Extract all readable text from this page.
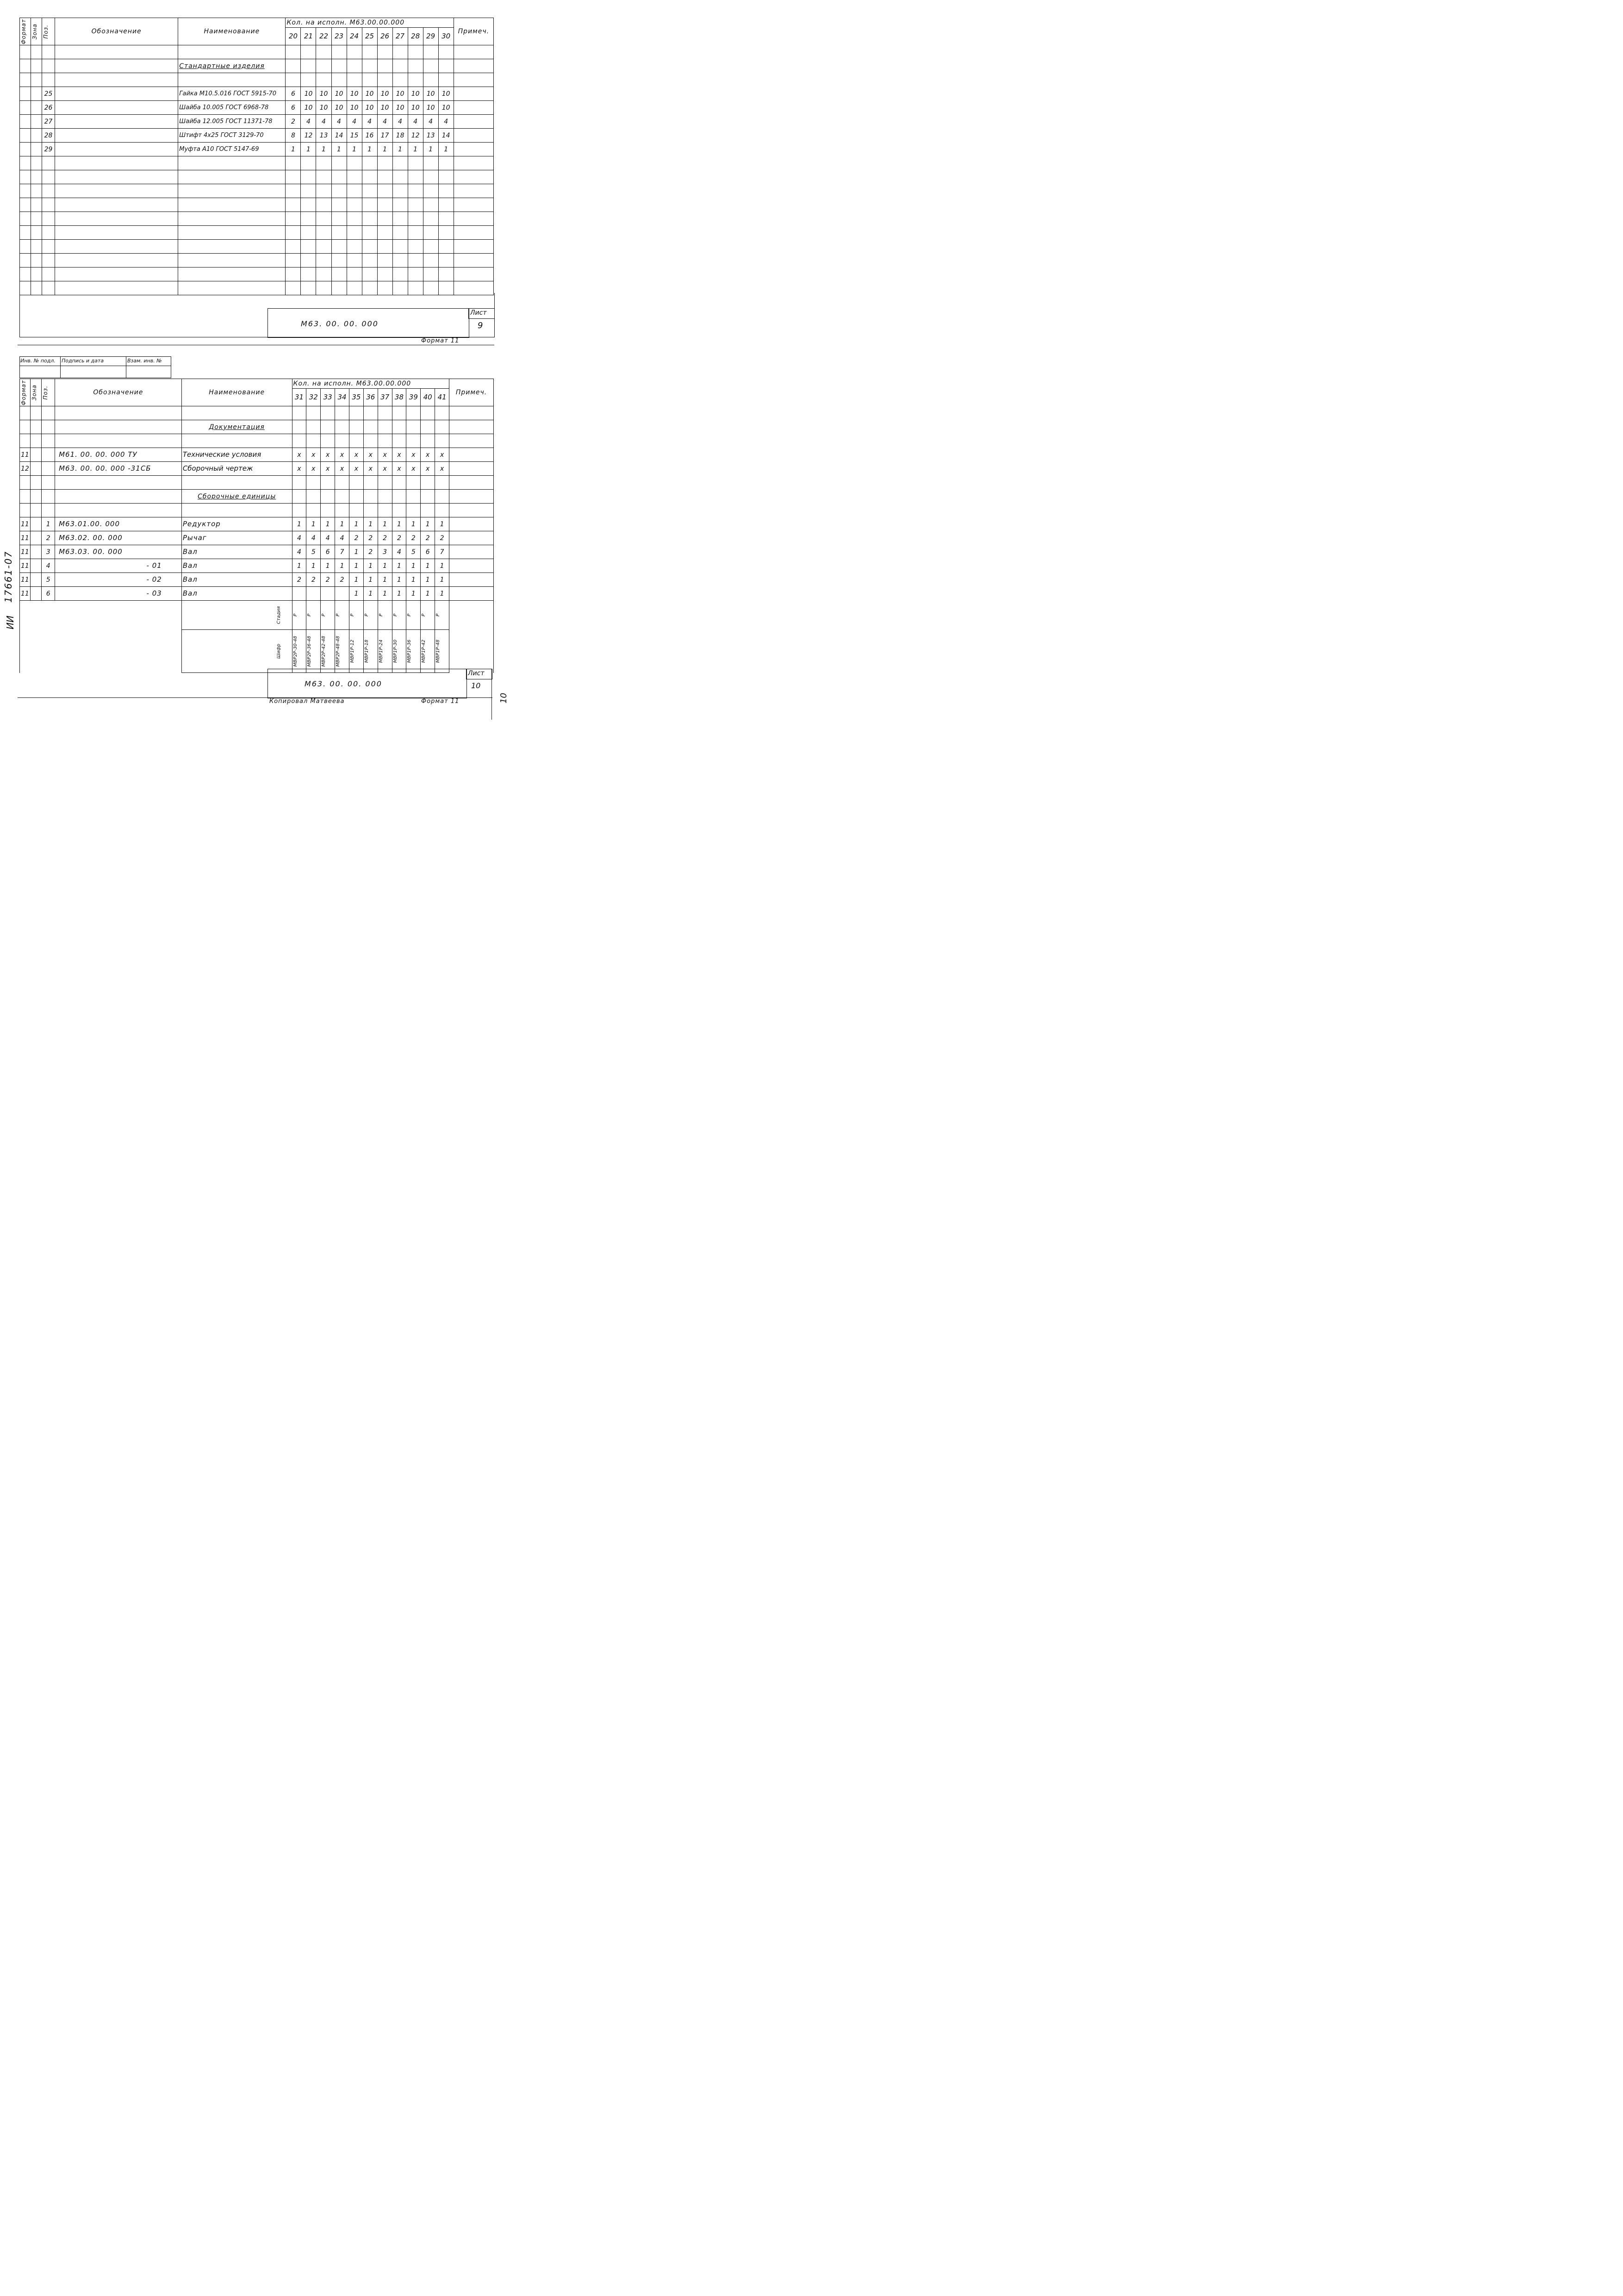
Формат	Зона	Поз.	Обозначение	Наименование	Кол. на исполн. М63.00.00.000											Примеч.
					20	21	22	23	24	25	26	27	28	29	30	

				Стандартные изделия												

		25		Гайка М10.5.016 ГОСТ 5915-70	6	10	10	10	10	10	10	10	10	10	10	
		26		Шайба 10.005 ГОСТ 6968-78	6	10	10	10	10	10	10	10	10	10	10	
		27		Шайба 12.005 ГОСТ 11371-78	2	4	4	4	4	4	4	4	4	4	4	
		28		Штифт 4х25 ГОСТ 3129-70	8	12	13	14	15	16	17	18	12	13	14	
		29		Муфта А10 ГОСТ 5147-69	1	1	1	1	1	1	1	1	1	1	1	

Лист
9
М63. 00. 00. 000
Формат 11
Инв. № подл. Подпись и дата	Взам. инв. №
Формат	Зона	Поз.	Обозначение	Наименование	Кол. на исполн. М63.00.00.000											Примеч.
					31	32	33	34	35	36	37	38	39	40	41	

				Документация												

11			М61. 00. 00. 000 ТУ	Технические условия	x	x	x	x	x	x	x	x	x	x	x	
12			М63. 00. 00. 000 -31СБ	Сборочный чертеж	x	x	x	x	x	x	x	x	x	x	x	

				Сборочные единицы												

11		1	М63.01.00. 000	Редуктор	1	1	1	1	1	1	1	1	1	1	1	
11		2	М63.02. 00. 000	Рычаг	4	4	4	4	2	2	2	2	2	2	2	
11		3	М63.03. 00. 000	Вал	4	5	6	7	1	2	3	4	5	6	7	
11		4	- 01	Вал	1	1	1	1	1	1	1	1	1	1	1	
11		5	- 02	Вал	2	2	2	2	1	1	1	1	1	1	1	
11		6	- 03	Вал					1	1	1	1	1	1	1	

				Стадия	Р	Р	Р	Р	Р	Р	Р	Р	Р	Р	Р	

				Шифр	МВР2Р-30-48	МВР2Р-36-48	МВР2Р-42-48	МВР2Р-48-48	МВР1Р-12	МВР1Р-18	МВР1Р-24	МВР1Р-30	МВР1Р-36	МВР1Р-42	МВР1Р-48	

Лист
10
М63. 00. 00. 000
Копировал Матвеева	Формат 11
17661-07
ИИ
10
